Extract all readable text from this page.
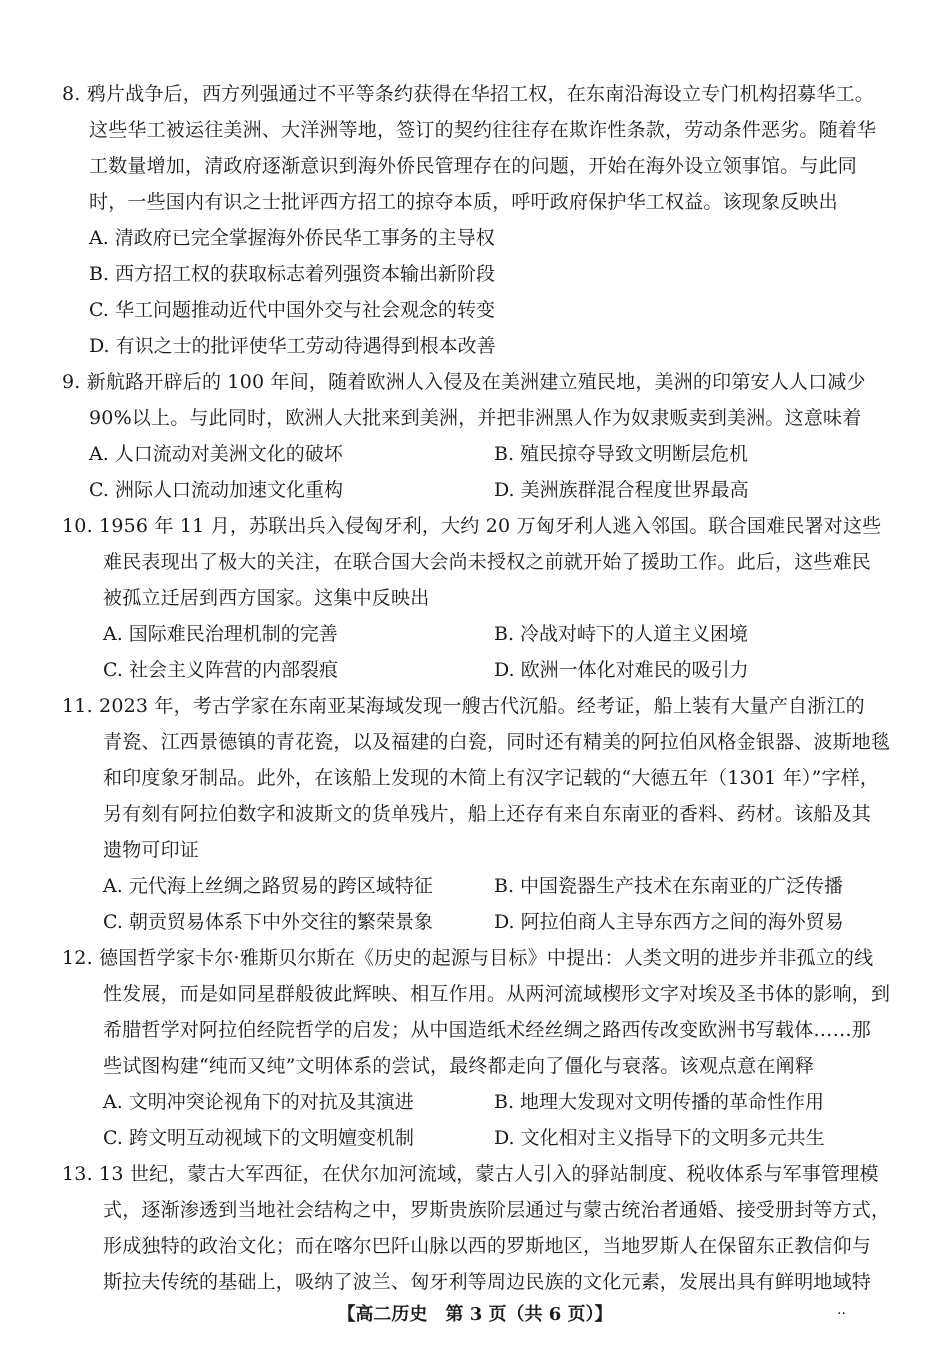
8. 鸦片战争后，西方列强通过不平等条约获得在华招工权，在东南沿海设立专门机构招募华工。
这些华工被运往美洲、大洋洲等地，签订的契约往往存在欺诈性条款，劳动条件恶劣。随着华
工数量增加，清政府逐渐意识到海外侨民管理存在的问题，开始在海外设立领事馆。与此同
时，一些国内有识之士批评西方招工的掠夺本质，呼吁政府保护华工权益。该现象反映出
A. 清政府已完全掌握海外侨民华工事务的主导权
B. 西方招工权的获取标志着列强资本输出新阶段
C. 华工问题推动近代中国外交与社会观念的转变
D. 有识之士的批评使华工劳动待遇得到根本改善
9. 新航路开辟后的 100 年间，随着欧洲人入侵及在美洲建立殖民地，美洲的印第安人人口减少
90%以上。与此同时，欧洲人大批来到美洲，并把非洲黑人作为奴隶贩卖到美洲。这意味着
A. 人口流动对美洲文化的破坏	B. 殖民掠夺导致文明断层危机
C. 洲际人口流动加速文化重构	D. 美洲族群混合程度世界最高
10. 1956 年 11 月，苏联出兵入侵匈牙利，大约 20 万匈牙利人逃入邻国。联合国难民署对这些
难民表现出了极大的关注，在联合国大会尚未授权之前就开始了援助工作。此后，这些难民
被孤立迁居到西方国家。这集中反映出
A. 国际难民治理机制的完善	B. 冷战对峙下的人道主义困境
C. 社会主义阵营的内部裂痕	D. 欧洲一体化对难民的吸引力
11. 2023 年，考古学家在东南亚某海域发现一艘古代沉船。经考证，船上装有大量产自浙江的
青瓷、江西景德镇的青花瓷，以及福建的白瓷，同时还有精美的阿拉伯风格金银器、波斯地毯
和印度象牙制品。此外，在该船上发现的木简上有汉字记载的“大德五年（1301 年）”字样，
另有刻有阿拉伯数字和波斯文的货单残片，船上还存有来自东南亚的香料、药材。该船及其
遗物可印证
A. 元代海上丝绸之路贸易的跨区域特征	B. 中国瓷器生产技术在东南亚的广泛传播
C. 朝贡贸易体系下中外交往的繁荣景象	D. 阿拉伯商人主导东西方之间的海外贸易
12. 德国哲学家卡尔·雅斯贝尔斯在《历史的起源与目标》中提出：人类文明的进步并非孤立的线
性发展，而是如同星群般彼此辉映、相互作用。从两河流域楔形文字对埃及圣书体的影响，到
希腊哲学对阿拉伯经院哲学的启发；从中国造纸术经丝绸之路西传改变欧洲书写载体……那
些试图构建“纯而又纯”文明体系的尝试，最终都走向了僵化与衰落。该观点意在阐释
A. 文明冲突论视角下的对抗及其演进	B. 地理大发现对文明传播的革命性作用
C. 跨文明互动视域下的文明嬗变机制	D. 文化相对主义指导下的文明多元共生
13. 13 世纪，蒙古大军西征，在伏尔加河流域，蒙古人引入的驿站制度、税收体系与军事管理模
式，逐渐渗透到当地社会结构之中，罗斯贵族阶层通过与蒙古统治者通婚、接受册封等方式，
形成独特的政治文化；而在喀尔巴阡山脉以西的罗斯地区，当地罗斯人在保留东正教信仰与
斯拉夫传统的基础上，吸纳了波兰、匈牙利等周边民族的文化元素，发展出具有鲜明地域特
【高二历史　第 3 页（共 6 页）】	..
